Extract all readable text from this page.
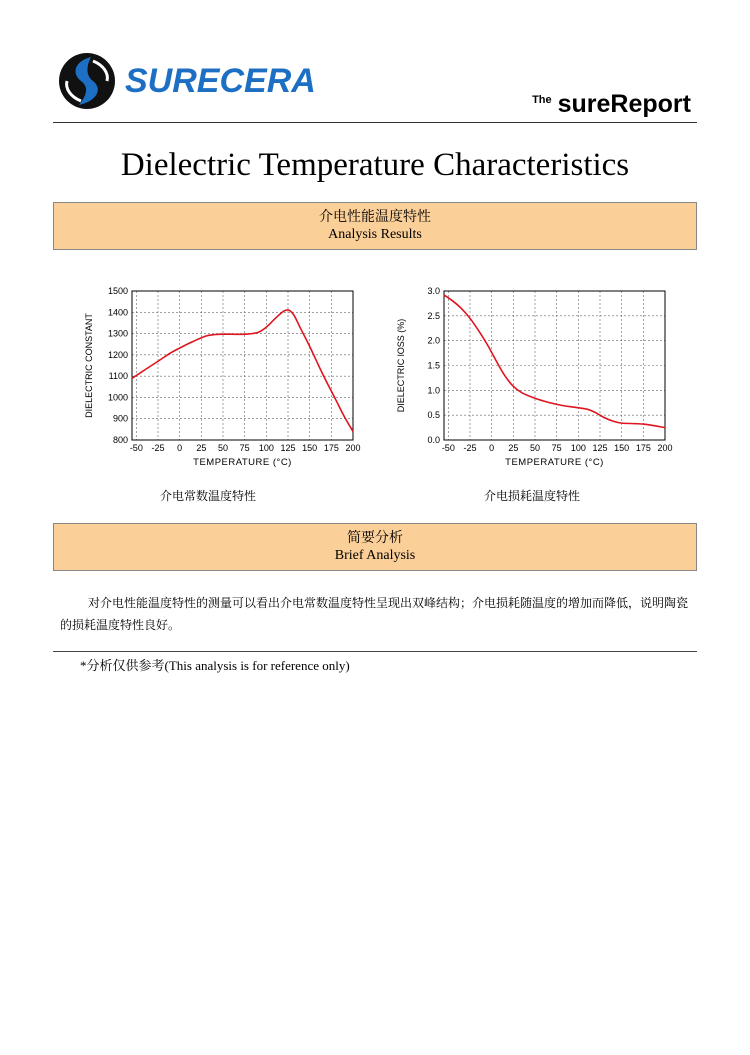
SURECERA	$^{The}$ sureReport
Dielectric Temperature Characteristics
介电性能温度特性
Analysis Results
-50 -25 0 25 50 75 100 125 150 175 200
800
900
1000
1100
1200
1300
1400
1500
TEMPERATURE (°C)
DIELECTRIC CONSTANT
-50 -25 0 25 50 75 100 125 150 175 200
0.0
0.5
1.0
1.5
2.0
2.5
3.0
TEMPERATURE (°C)
DIELECTRIC lOSS (%)
介电常数温度特性	介电损耗温度特性
简要分析
Brief Analysis
对介电性能温度特性的测量可以看出介电常数温度特性呈现出双峰结构；介电损耗随温度的增加而降低，说明陶瓷的损耗温度特性良好。
*分析仅供参考(This analysis is for reference only)
